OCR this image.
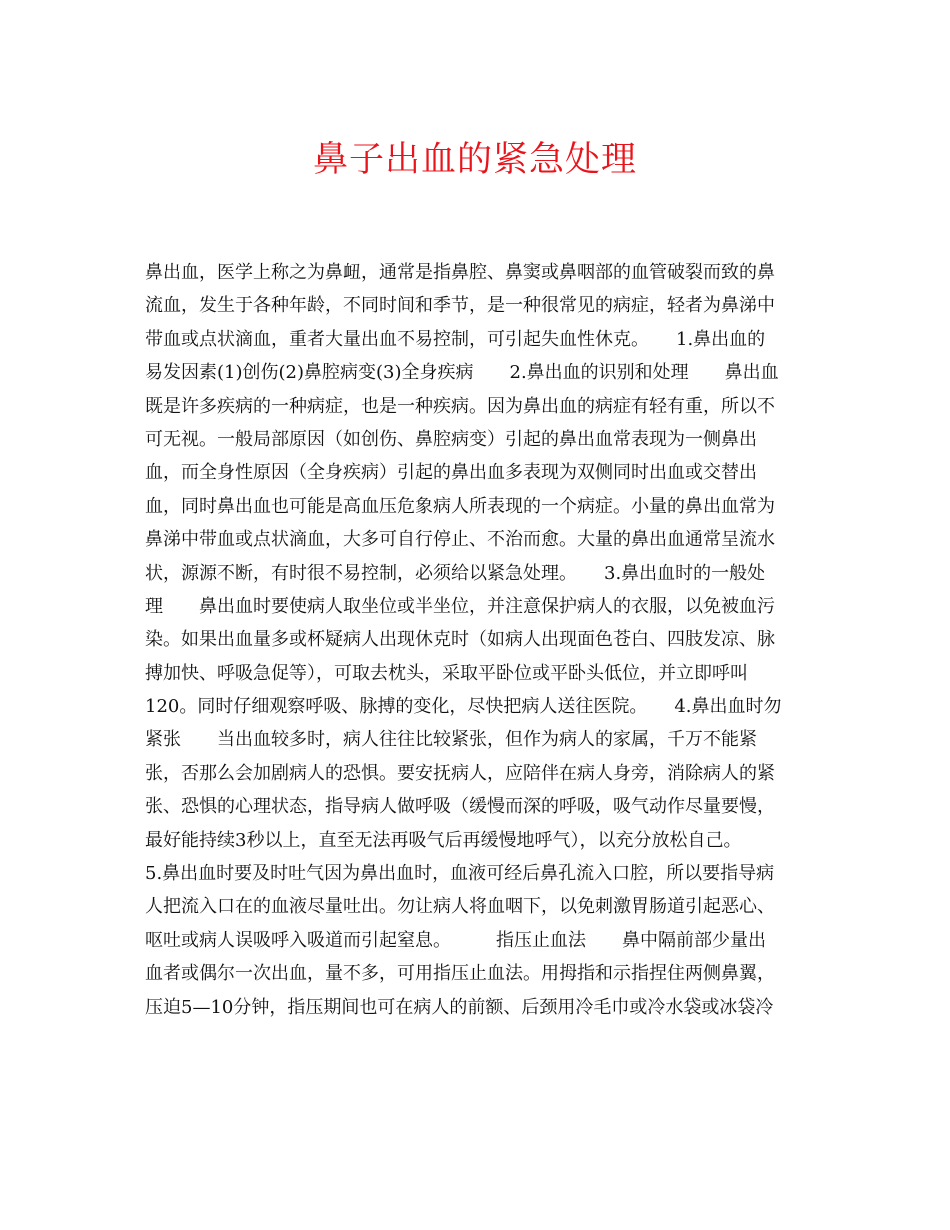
鼻子出血的紧急处理
鼻出血，医学上称之为鼻衄，通常是指鼻腔、鼻窦或鼻咽部的血管破裂而致的鼻
流血，发生于各种年龄，不同时间和季节，是一种很常见的病症，轻者为鼻涕中
带血或点状滴血，重者大量出血不易控制，可引起失血性休克。　　1.鼻出血的
易发因素(1)创伤(2)鼻腔病变(3)全身疾病　　2.鼻出血的识别和处理　　鼻出血
既是许多疾病的一种病症，也是一种疾病。因为鼻出血的病症有轻有重，所以不
可无视。一般局部原因（如创伤、鼻腔病变）引起的鼻出血常表现为一侧鼻出
血，而全身性原因（全身疾病）引起的鼻出血多表现为双侧同时出血或交替出
血，同时鼻出血也可能是高血压危象病人所表现的一个病症。小量的鼻出血常为
鼻涕中带血或点状滴血，大多可自行停止、不治而愈。大量的鼻出血通常呈流水
状，源源不断，有时很不易控制，必须给以紧急处理。　　3.鼻出血时的一般处
理　　鼻出血时要使病人取坐位或半坐位，并注意保护病人的衣服，以免被血污
染。如果出血量多或杯疑病人出现休克时（如病人出现面色苍白、四肢发凉、脉
搏加快、呼吸急促等），可取去枕头，采取平卧位或平卧头低位，并立即呼叫
120。同时仔细观察呼吸、脉搏的变化，尽快把病人送往医院。　　4.鼻出血时勿
紧张　　当出血较多时，病人往往比较紧张，但作为病人的家属，千万不能紧
张，否那么会加剧病人的恐惧。要安抚病人，应陪伴在病人身旁，消除病人的紧
张、恐惧的心理状态，指导病人做呼吸（缓慢而深的呼吸，吸气动作尽量要慢，
最好能持续3秒以上，直至无法再吸气后再缓慢地呼气），以充分放松自己。
5.鼻出血时要及时吐气因为鼻出血时，血液可经后鼻孔流入口腔，所以要指导病
人把流入口在的血液尽量吐出。勿让病人将血咽下，以免刺激胃肠道引起恶心、
呕吐或病人误吸呼入吸道而引起窒息。　　　指压止血法　　鼻中隔前部少量出
血者或偶尔一次出血，量不多，可用指压止血法。用拇指和示指捏住两侧鼻翼，
压迫5—10分钟，指压期间也可在病人的前额、后颈用冷毛巾或冷水袋或冰袋冷
